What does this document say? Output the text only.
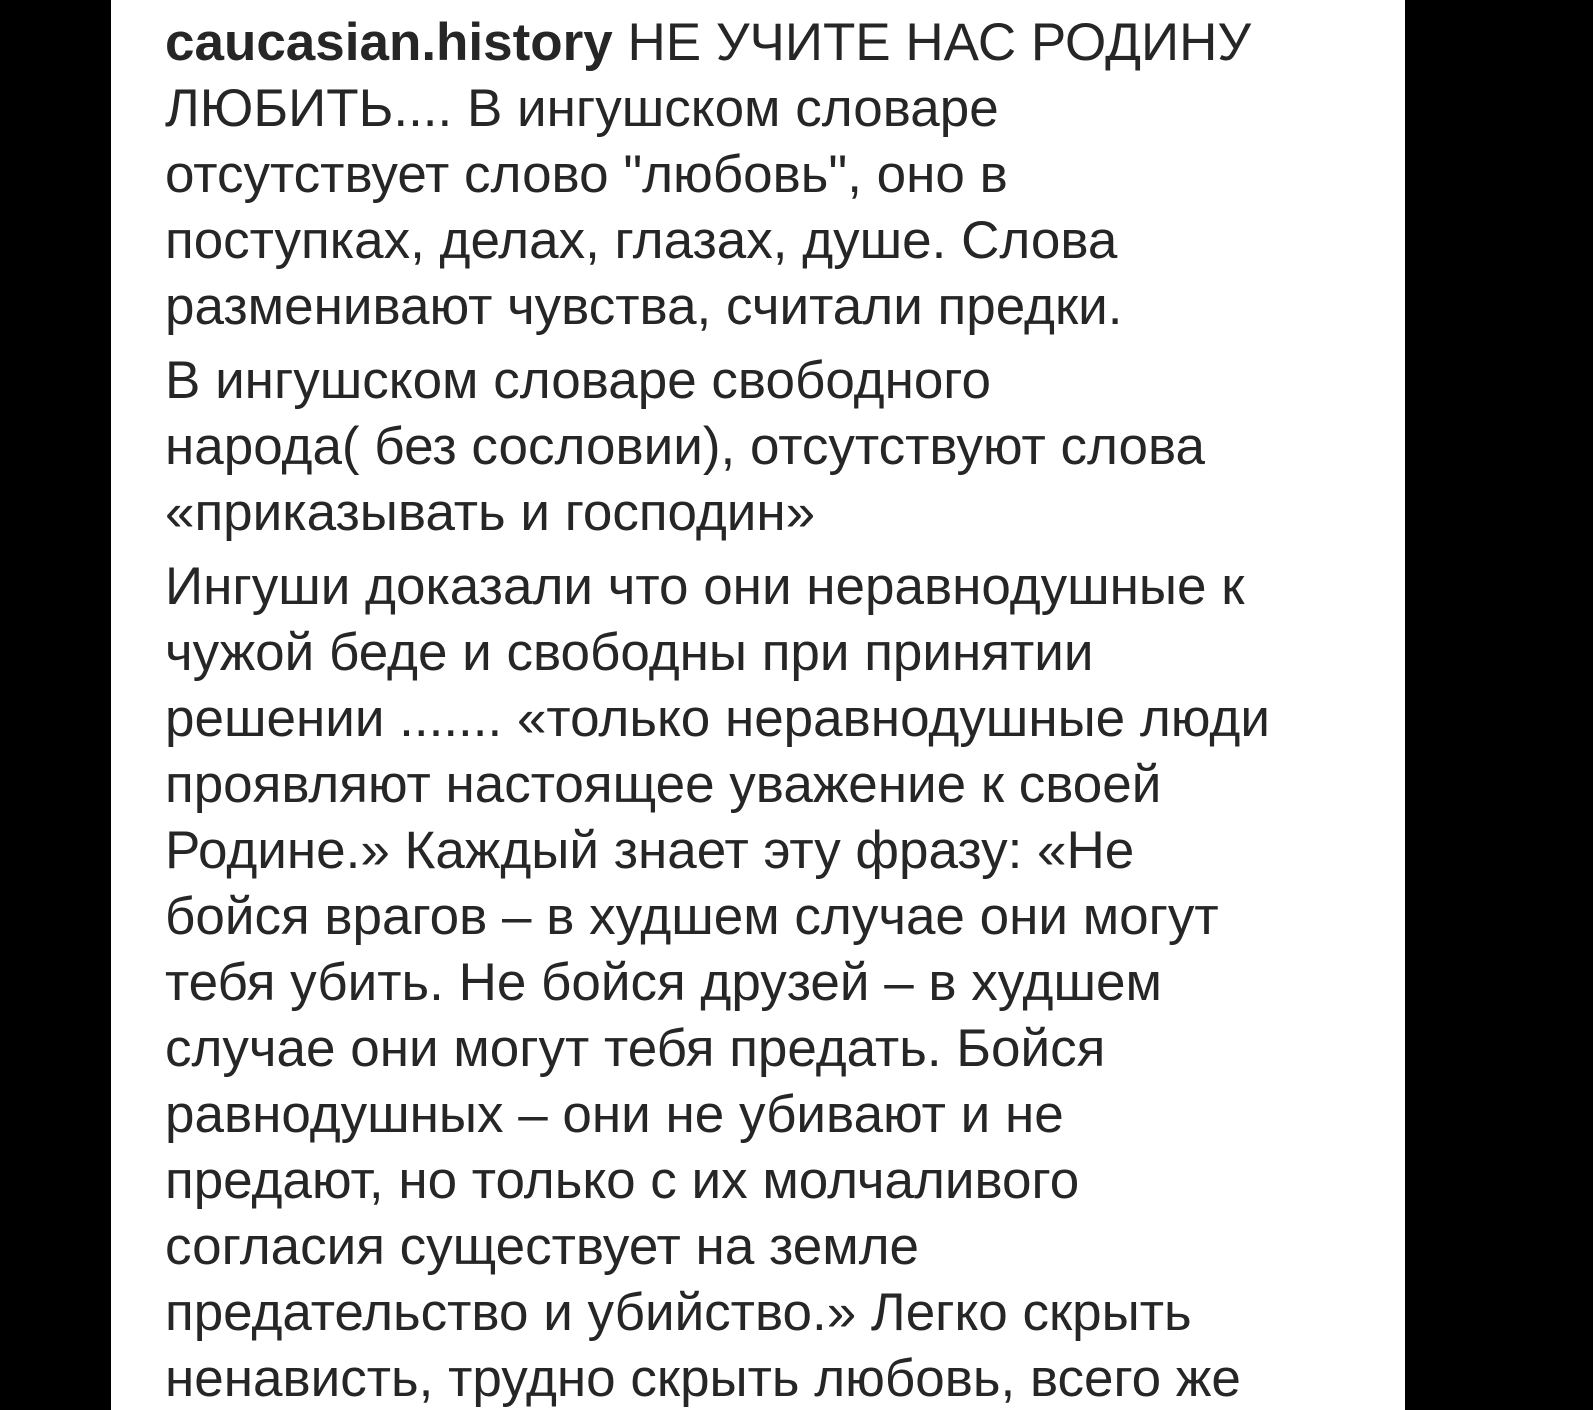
caucasian.history НЕ УЧИТЕ НАС РОДИНУ
ЛЮБИТЬ.... В ингушском словаре
отсутствует слово "любовь", оно в
поступках, делах, глазах, душе. Слова
разменивают чувства, считали предки.

В ингушском словаре свободного
народа( без сословии), отсутствуют слова
«приказывать и господин»

Ингуши доказали что они неравнодушные к
чужой беде и свободны при принятии
решении ....... «только неравнодушные люди
проявляют настоящее уважение к своей
Родине.» Каждый знает эту фразу: «Не
бойся врагов – в худшем случае они могут
тебя убить. Не бойся друзей – в худшем
случае они могут тебя предать. Бойся
равнодушных – они не убивают и не
предают, но только с их молчаливого
согласия существует на земле
предательство и убийство.» Легко скрыть
ненависть, трудно скрыть любовь, всего же
